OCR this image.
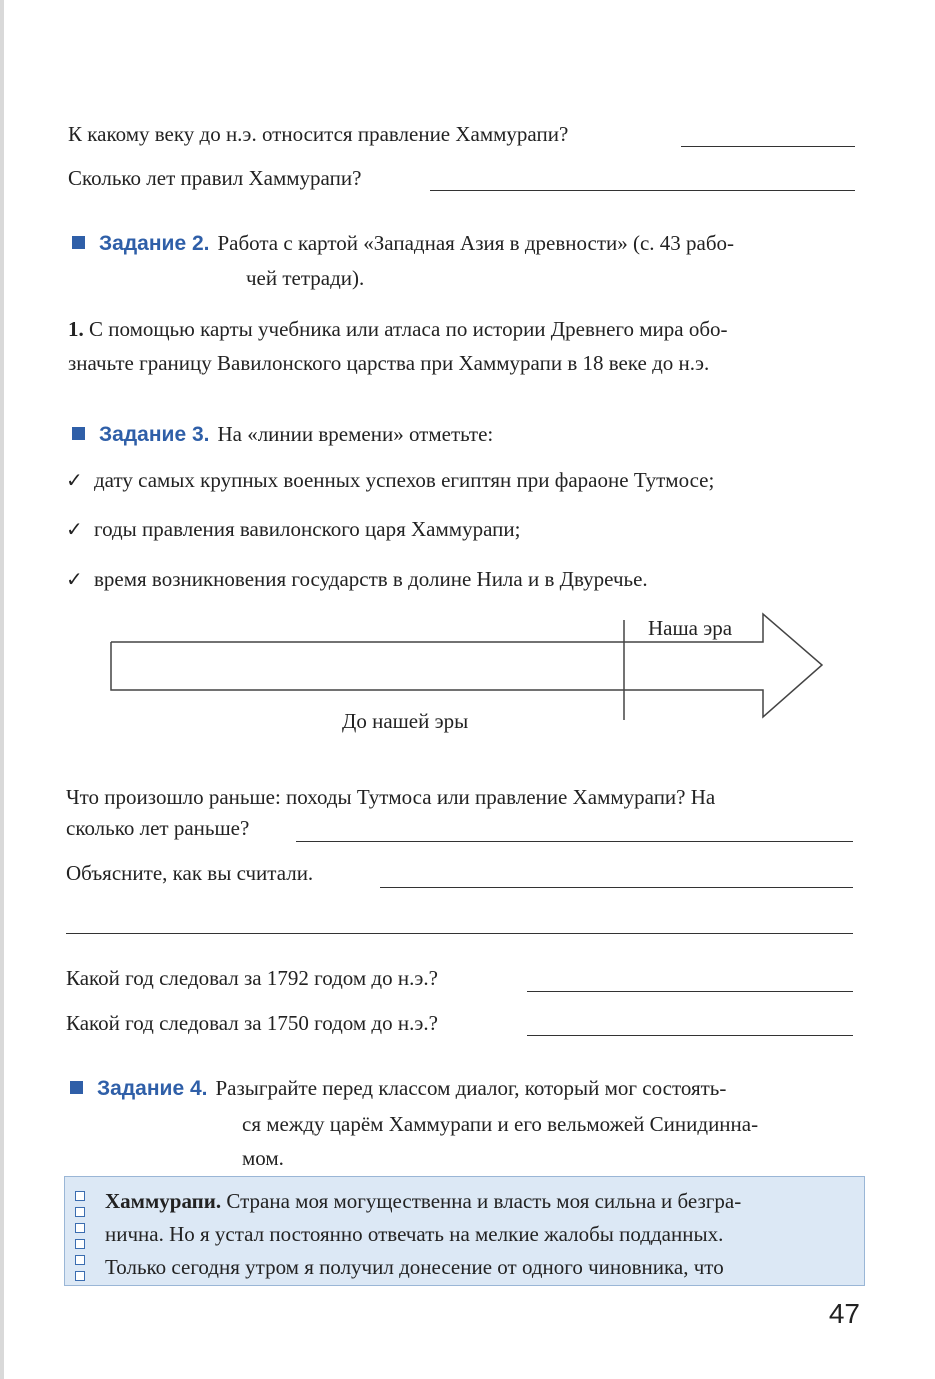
К какому веку до н.э. относится правление Хаммурапи?
Сколько лет правил Хаммурапи?
Задание 2. Работа с картой «Западная Азия в древности» (с. 43 рабо-
чей тетради).
1. С помощью карты учебника или атласа по истории Древнего мира обо-
значьте границу Вавилонского царства при Хаммурапи в 18 веке до н.э.
Задание 3. На «линии времени» отметьте:
✓ дату самых крупных военных успехов египтян при фараоне Тутмосе;
✓ годы правления вавилонского царя Хаммурапи;
✓ время возникновения государств в долине Нила и в Двуречье.
Наша эра
До нашей эры
Что произошло раньше: походы Тутмоса или правление Хаммурапи? На
сколько лет раньше?
Объясните, как вы считали.
Какой год следовал за 1792 годом до н.э.?
Какой год следовал за 1750 годом до н.э.?
Задание 4. Разыграйте перед классом диалог, который мог состоять-
ся между царём Хаммурапи и его вельможей Синидинна-
мом.
Хаммурапи. Страна моя могущественна и власть моя сильна и безгра-
нична. Но я устал постоянно отвечать на мелкие жалобы подданных.
Только сегодня утром я получил донесение от одного чиновника, что
47
